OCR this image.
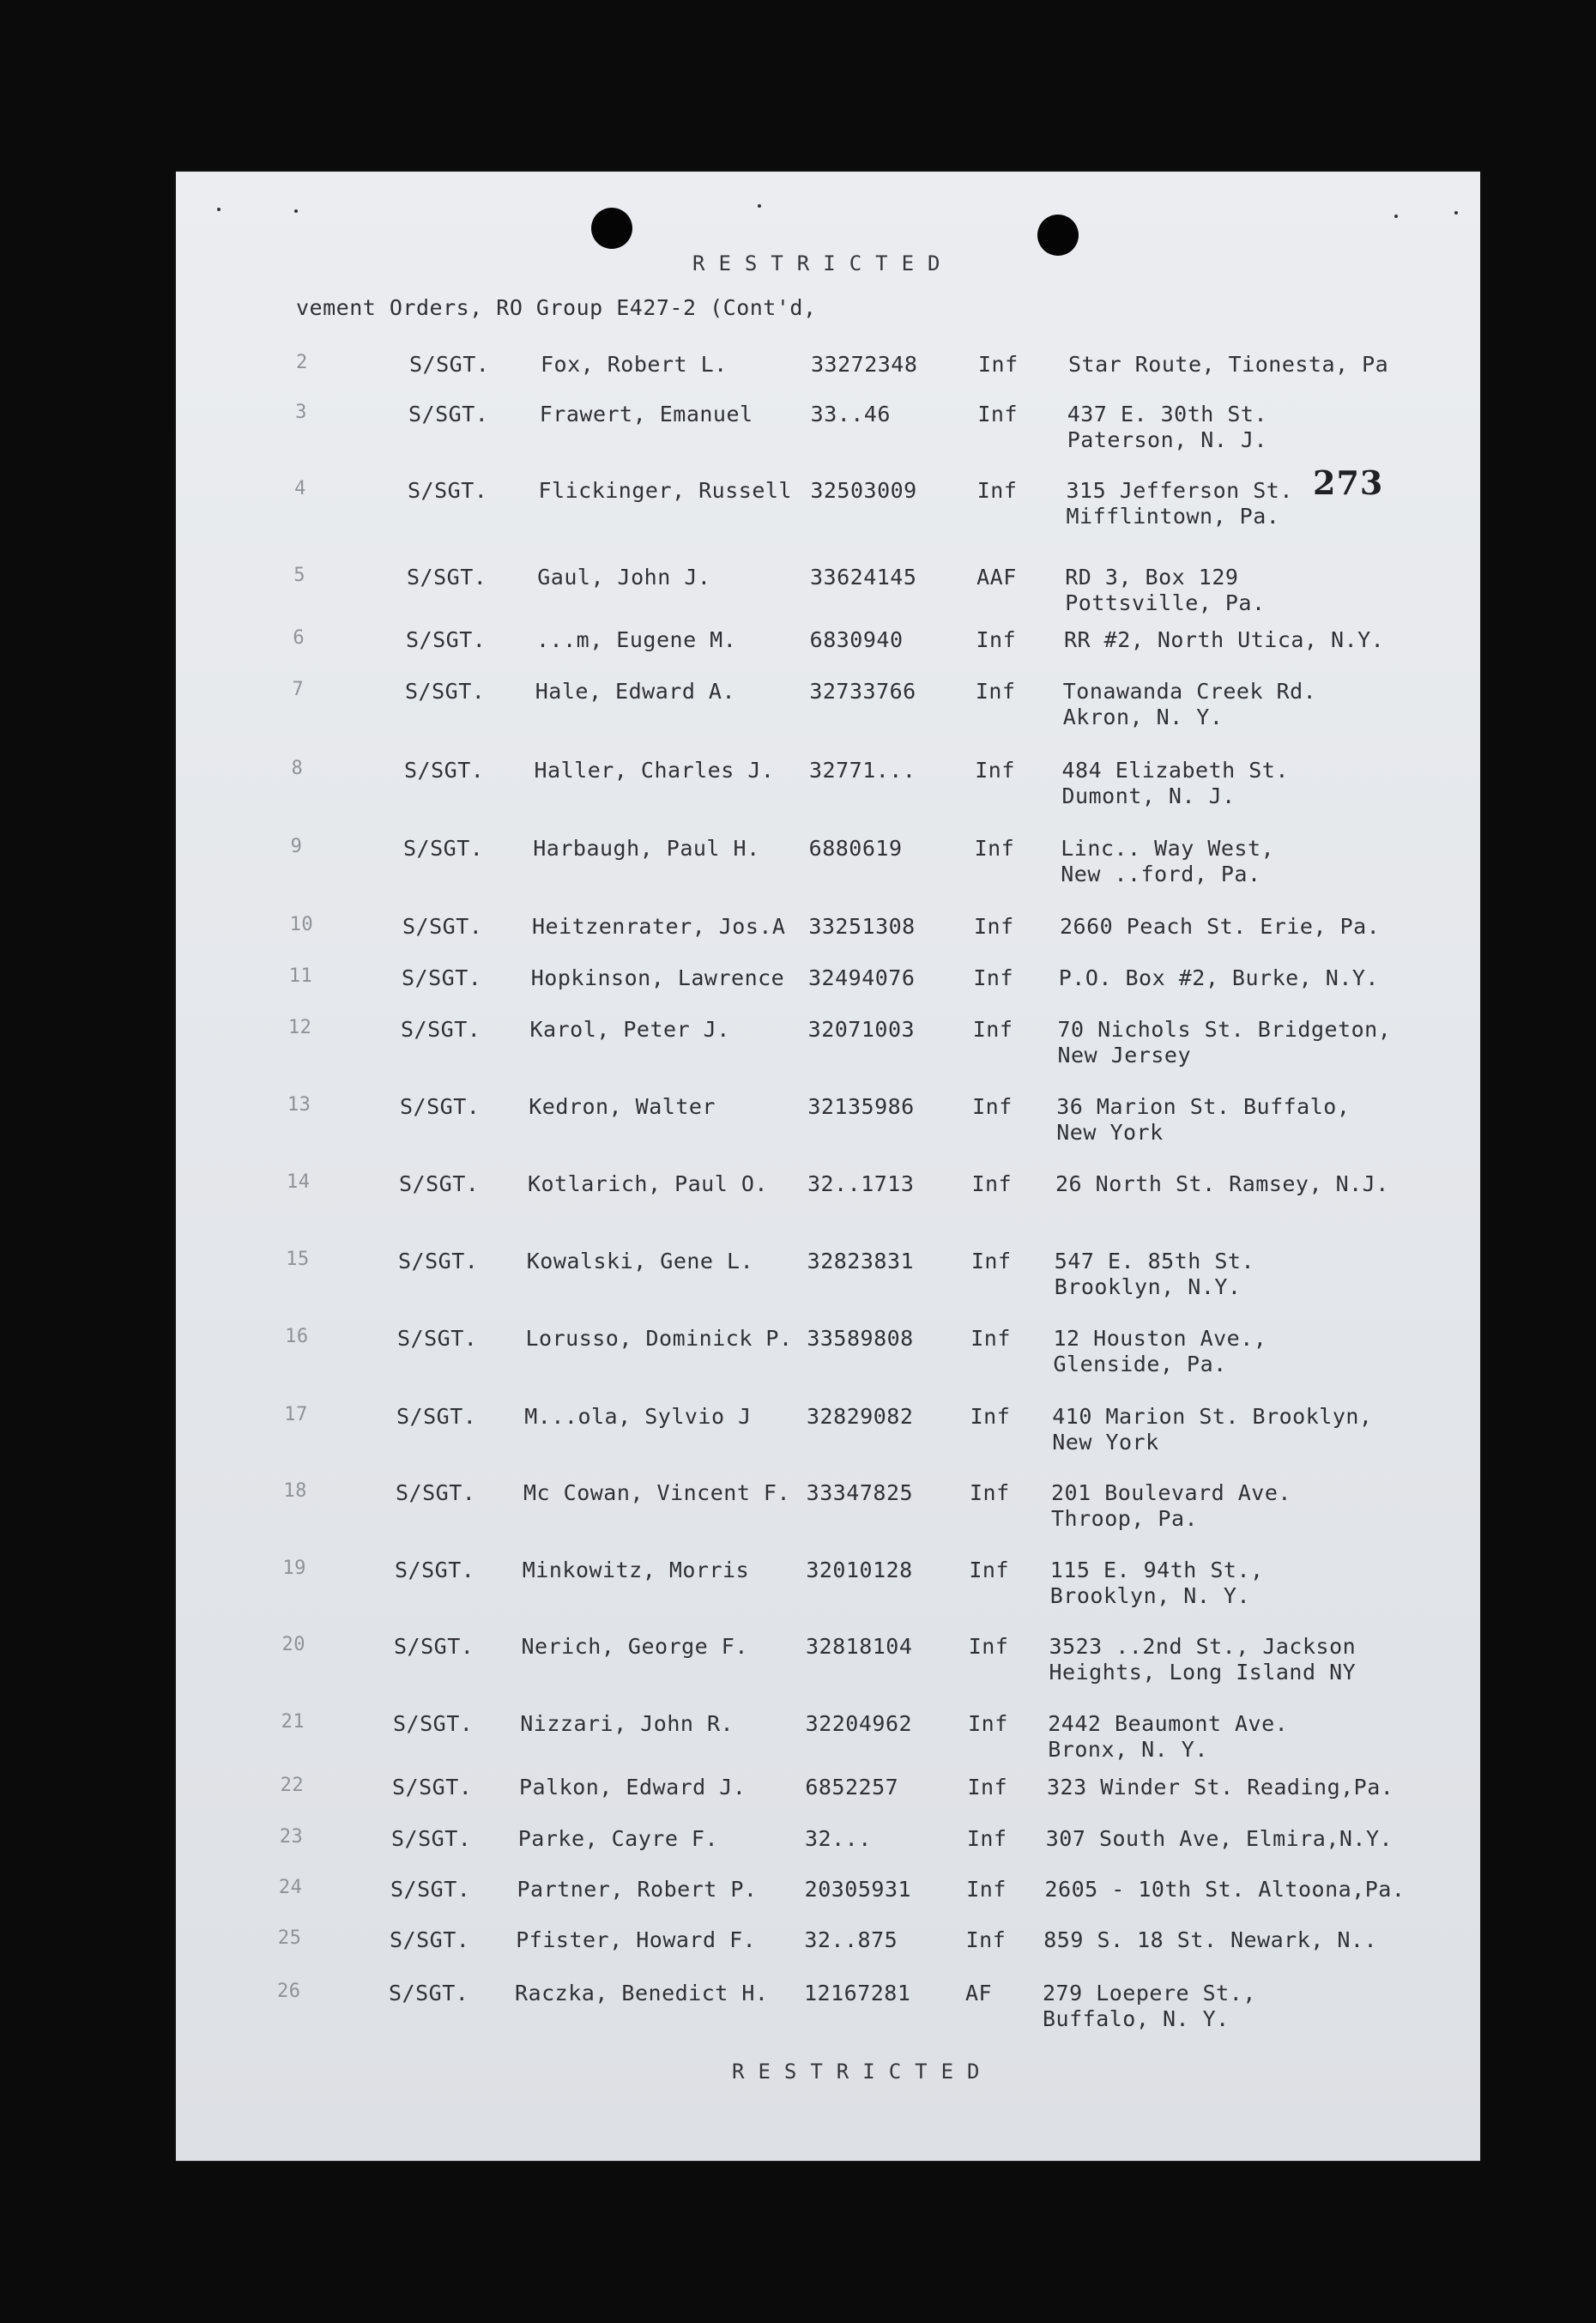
RESTRICTED
vement Orders, RO Group E427-2 (Cont'd,
273
2	S/SGT. Fox, Robert L.	33272348	Inf Star Route, Tionesta, Pa
3	S/SGT. Frawert, Emanuel	33..46	Inf 437 E. 30th St.
Paterson, N. J.
4	S/SGT. Flickinger, Russell 32503009	Inf 315 Jefferson St.
Mifflintown, Pa.
5	S/SGT. Gaul, John J.	33624145	AAF RD 3, Box 129
Pottsville, Pa.
6	S/SGT. ...m, Eugene M.	6830940	Inf RR #2, North Utica, N.Y.
7	S/SGT. Hale, Edward A.	32733766	Inf Tonawanda Creek Rd.
Akron, N. Y.
8	S/SGT. Haller, Charles J. 32771...	Inf 484 Elizabeth St.
Dumont, N. J.
9	S/SGT. Harbaugh, Paul H. 6880619	Inf Linc.. Way West,
New ..ford, Pa.
10	S/SGT. Heitzenrater, Jos.A 33251308	Inf 2660 Peach St. Erie, Pa.
11	S/SGT. Hopkinson, Lawrence 32494076	Inf P.O. Box #2, Burke, N.Y.
12	S/SGT. Karol, Peter J.	32071003	Inf 70 Nichols St. Bridgeton,
New Jersey
13	S/SGT. Kedron, Walter	32135986	Inf 36 Marion St. Buffalo,
New York
14	S/SGT. Kotlarich, Paul O. 32..1713	Inf 26 North St. Ramsey, N.J.
15	S/SGT. Kowalski, Gene L.	32823831	Inf 547 E. 85th St.
Brooklyn, N.Y.
16	S/SGT. Lorusso, Dominick P. 33589808	Inf 12 Houston Ave.,
Glenside, Pa.
17	S/SGT. M...ola, Sylvio J	32829082	Inf 410 Marion St. Brooklyn,
New York
18	S/SGT. Mc Cowan, Vincent F. 33347825	Inf 201 Boulevard Ave.
Throop, Pa.
19	S/SGT. Minkowitz, Morris	32010128	Inf 115 E. 94th St.,
Brooklyn, N. Y.
20	S/SGT. Nerich, George F.	32818104	Inf 3523 ..2nd St., Jackson
Heights, Long Island NY
21	S/SGT. Nizzari, John R.	32204962	Inf 2442 Beaumont Ave.
Bronx, N. Y.
22	S/SGT. Palkon, Edward J.	6852257	Inf 323 Winder St. Reading,Pa.
23	S/SGT. Parke, Cayre F.	32...	Inf 307 South Ave, Elmira,N.Y.
24	S/SGT. Partner, Robert P. 20305931	Inf 2605 - 10th St. Altoona,Pa.
25	S/SGT. Pfister, Howard F. 32..875	Inf 859 S. 18 St. Newark, N..
26	S/SGT. Raczka, Benedict H. 12167281	AF 279 Loepere St.,
Buffalo, N. Y.
RESTRICTED
